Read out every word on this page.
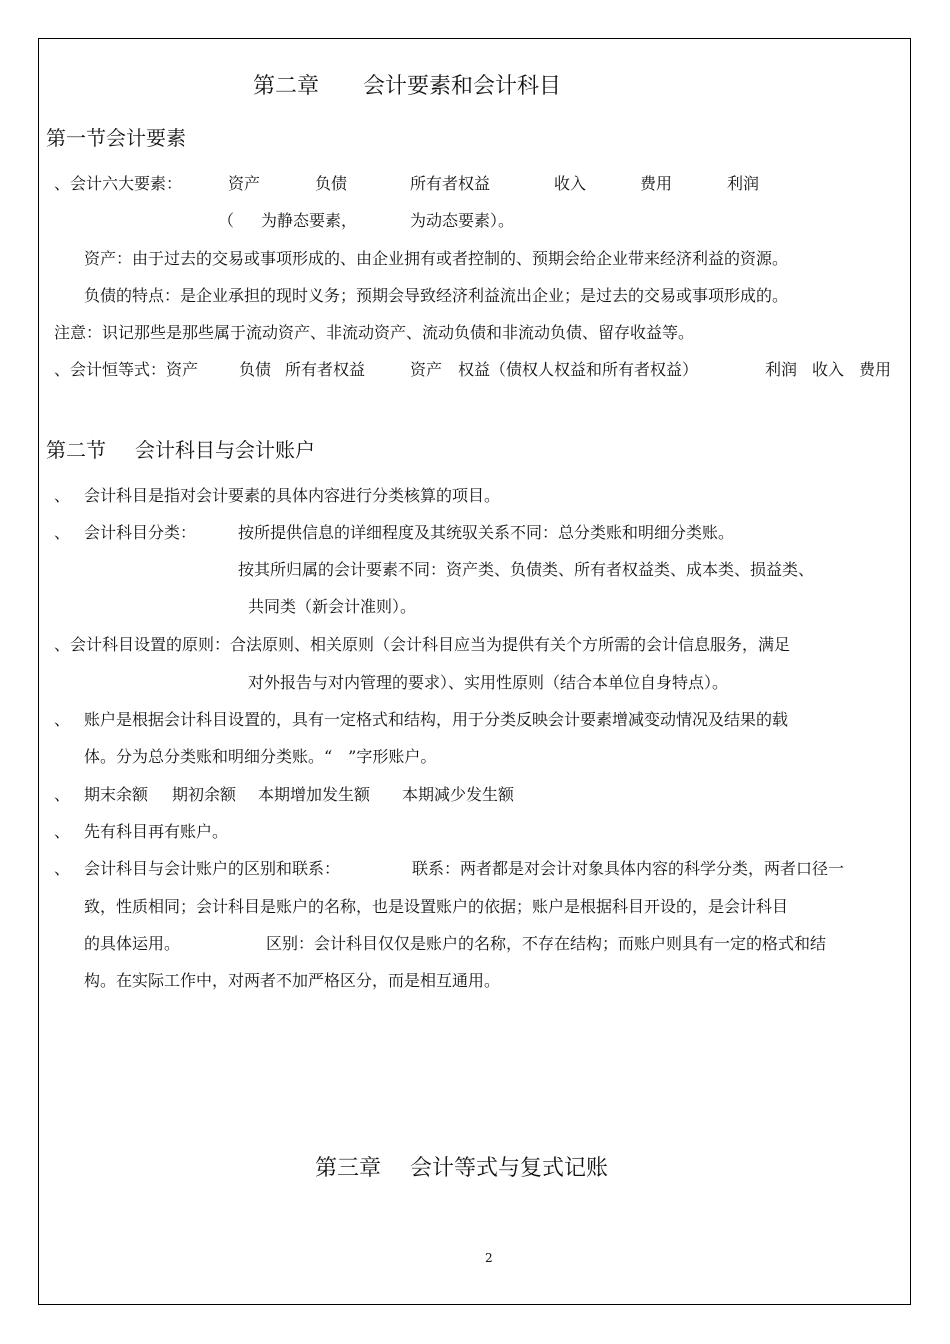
第二章 会计要素和会计科目
第一节会计要素
、会计六大要素：	资产	负债	所有者权益	收入	费用	利润
（ 为静态要素，	为动态要素）。
资产：由于过去的交易或事项形成的、由企业拥有或者控制的、预期会给企业带来经济利益的资源。
负债的特点：是企业承担的现时义务；预期会导致经济利益流出企业；是过去的交易或事项形成的。
注意：识记那些是那些属于流动资产、非流动资产、流动负债和非流动负债、留存收益等。
、会计恒等式：资产	负债 所有者权益	资产 权益（债权人权益和所有者权益）	利润 收入 费用
第二节 会计科目与会计账户
、 会计科目是指对会计要素的具体内容进行分类核算的项目。
、 会计科目分类：	按所提供信息的详细程度及其统驭关系不同：总分类账和明细分类账。
按其所归属的会计要素不同：资产类、负债类、所有者权益类、成本类、损益类、
共同类（新会计准则）。
、会计科目设置的原则：合法原则、相关原则（会计科目应当为提供有关个方所需的会计信息服务，满足
对外报告与对内管理的要求）、实用性原则（结合本单位自身特点）。
、 账户是根据会计科目设置的，具有一定格式和结构，用于分类反映会计要素增减变动情况及结果的载
体。分为总分类账和明细分类账。“　”字形账户。
、 期末余额 期初余额 本期增加发生额 本期减少发生额
、 先有科目再有账户。
、 会计科目与会计账户的区别和联系：	联系：两者都是对会计对象具体内容的科学分类，两者口径一
致，性质相同；会计科目是账户的名称，也是设置账户的依据；账户是根据科目开设的，是会计科目
的具体运用。	区别：会计科目仅仅是账户的名称，不存在结构；而账户则具有一定的格式和结
构。在实际工作中，对两者不加严格区分，而是相互通用。
第三章 会计等式与复式记账
2
